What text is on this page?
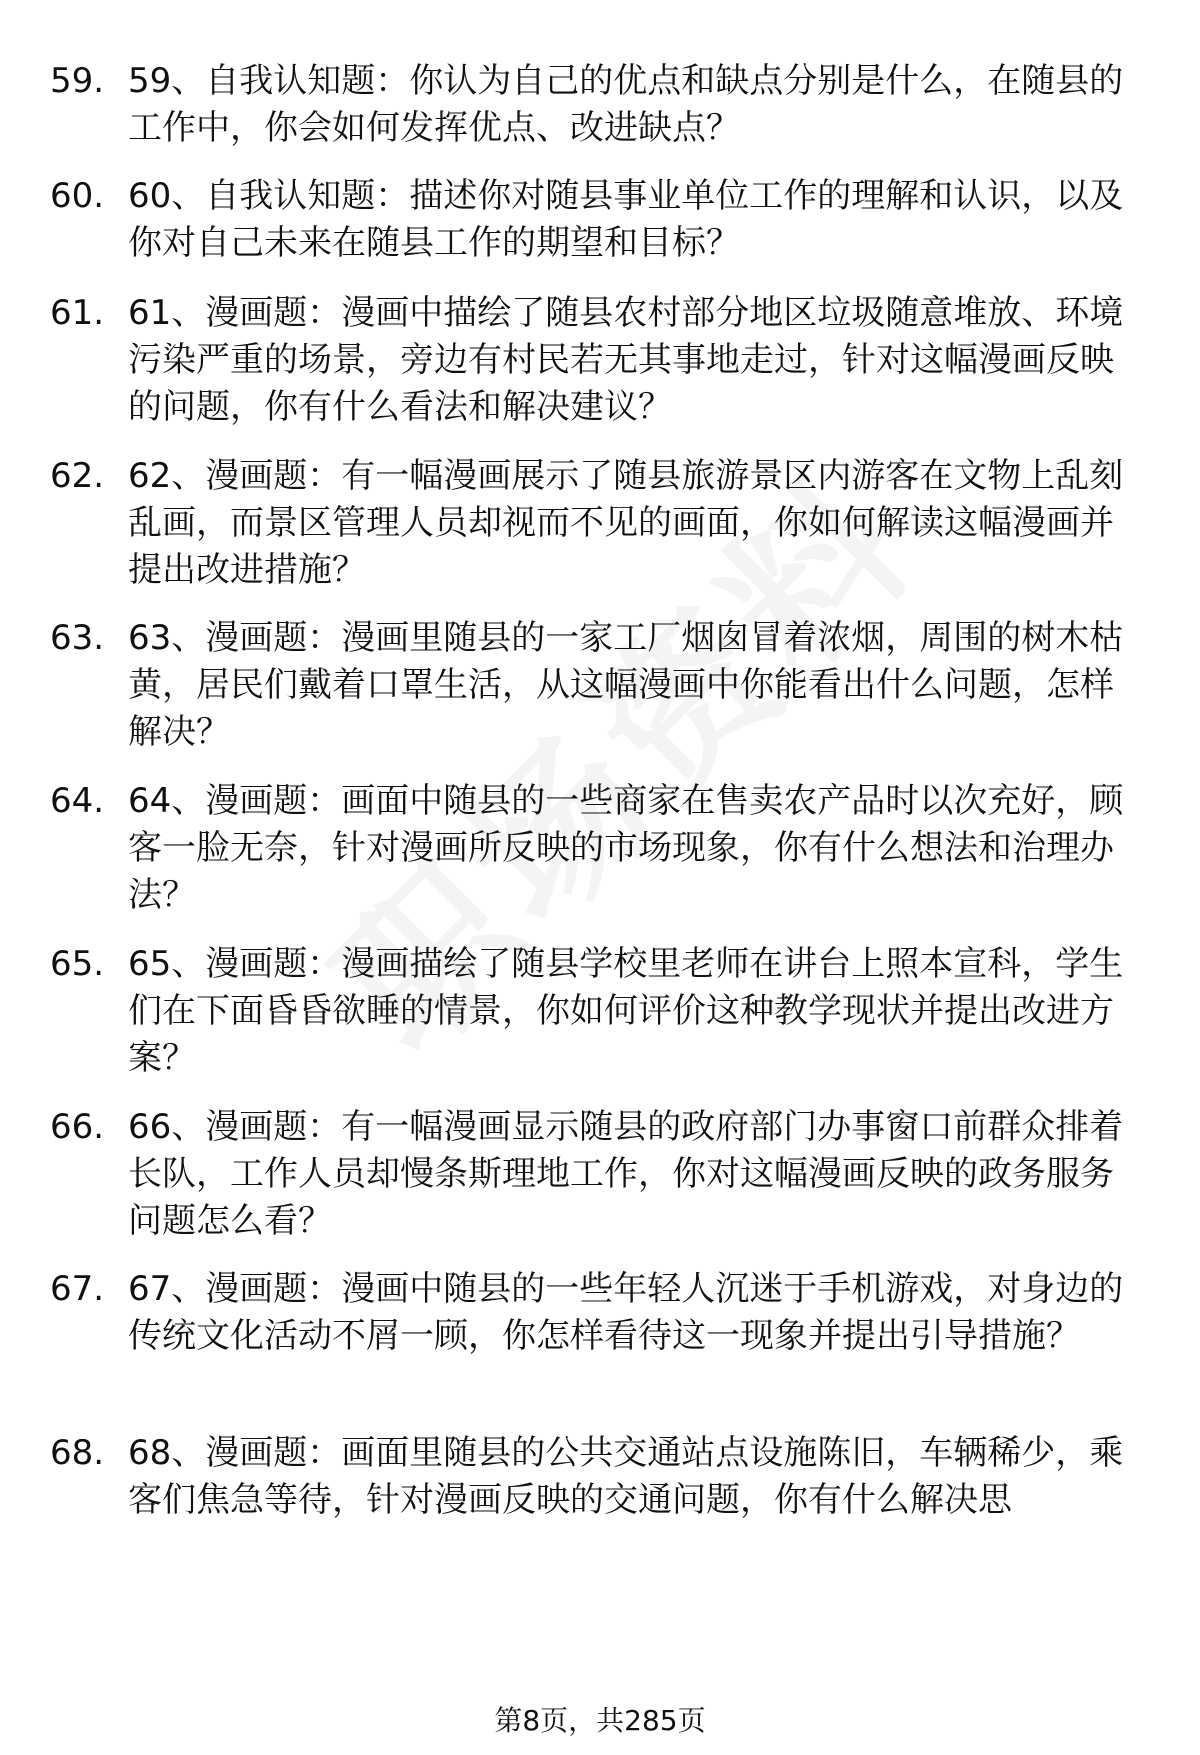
59. 59、自我认知题：你认为自己的优点和缺点分别是什么，在随县的工作中，你会如何发挥优点、改进缺点？
60. 60、自我认知题：描述你对随县事业单位工作的理解和认识，以及你对自己未来在随县工作的期望和目标？
61. 61、漫画题：漫画中描绘了随县农村部分地区垃圾随意堆放、环境污染严重的场景，旁边有村民若无其事地走过，针对这幅漫画反映的问题，你有什么看法和解决建议？
62. 62、漫画题：有一幅漫画展示了随县旅游景区内游客在文物上乱刻乱画，而景区管理人员却视而不见的画面，你如何解读这幅漫画并提出改进措施？
63. 63、漫画题：漫画里随县的一家工厂烟囱冒着浓烟，周围的树木枯黄，居民们戴着口罩生活，从这幅漫画中你能看出什么问题，怎样解决？
64. 64、漫画题：画面中随县的一些商家在售卖农产品时以次充好，顾客一脸无奈，针对漫画所反映的市场现象，你有什么想法和治理办法？
65. 65、漫画题：漫画描绘了随县学校里老师在讲台上照本宣科，学生们在下面昏昏欲睡的情景，你如何评价这种教学现状并提出改进方案？
66. 66、漫画题：有一幅漫画显示随县的政府部门办事窗口前群众排着长队，工作人员却慢条斯理地工作，你对这幅漫画反映的政务服务问题怎么看？
67. 67、漫画题：漫画中随县的一些年轻人沉迷于手机游戏，对身边的传统文化活动不屑一顾，你怎样看待这一现象并提出引导措施？
68. 68、漫画题：画面里随县的公共交通站点设施陈旧，车辆稀少，乘客们焦急等待，针对漫画反映的交通问题，你有什么解决思
第8页，共285页
